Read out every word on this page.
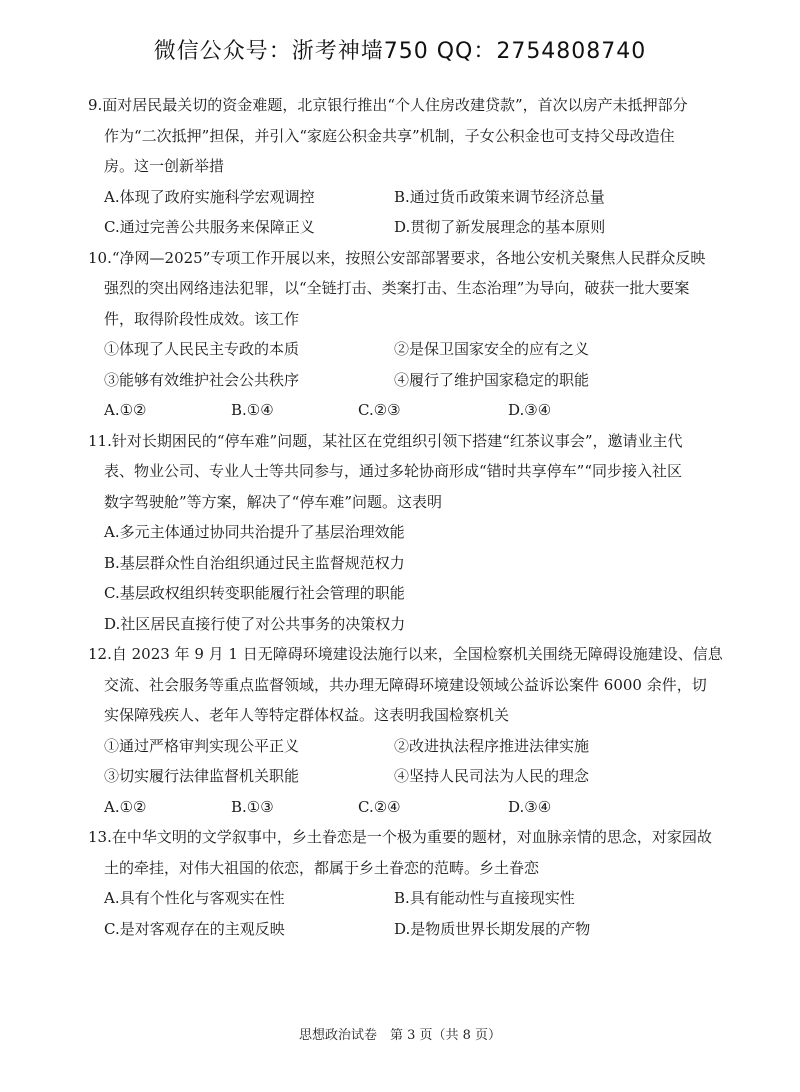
微信公众号：浙考神墙750 QQ：2754808740
9.面对居民最关切的资金难题，北京银行推出“个人住房改建贷款”，首次以房产未抵押部分
作为“二次抵押”担保，并引入“家庭公积金共享”机制，子女公积金也可支持父母改造住
房。这一创新举措
A.体现了政府实施科学宏观调控	B.通过货币政策来调节经济总量
C.通过完善公共服务来保障正义	D.贯彻了新发展理念的基本原则
10.“净网—2025”专项工作开展以来，按照公安部部署要求，各地公安机关聚焦人民群众反映
强烈的突出网络违法犯罪，以“全链打击、类案打击、生态治理”为导向，破获一批大要案
件，取得阶段性成效。该工作
①体现了人民民主专政的本质	②是保卫国家安全的应有之义
③能够有效维护社会公共秩序	④履行了维护国家稳定的职能
A.①②	B.①④	C.②③	D.③④
11.针对长期困民的“停车难”问题，某社区在党组织引领下搭建“红茶议事会”，邀请业主代
表、物业公司、专业人士等共同参与，通过多轮协商形成“错时共享停车”“同步接入社区
数字驾驶舱”等方案，解决了“停车难”问题。这表明
A.多元主体通过协同共治提升了基层治理效能
B.基层群众性自治组织通过民主监督规范权力
C.基层政权组织转变职能履行社会管理的职能
D.社区居民直接行使了对公共事务的决策权力
12.自 2023 年 9 月 1 日无障碍环境建设法施行以来，全国检察机关围绕无障碍设施建设、信息
交流、社会服务等重点监督领域，共办理无障碍环境建设领域公益诉讼案件 6000 余件，切
实保障残疾人、老年人等特定群体权益。这表明我国检察机关
①通过严格审判实现公平正义	②改进执法程序推进法律实施
③切实履行法律监督机关职能	④坚持人民司法为人民的理念
A.①②	B.①③	C.②④	D.③④
13.在中华文明的文学叙事中，乡土眷恋是一个极为重要的题材，对血脉亲情的思念，对家园故
土的牵挂，对伟大祖国的依恋，都属于乡土眷恋的范畴。乡土眷恋
A.具有个性化与客观实在性	B.具有能动性与直接现实性
C.是对客观存在的主观反映	D.是物质世界长期发展的产物
思想政治试卷　第 3 页（共 8 页）
